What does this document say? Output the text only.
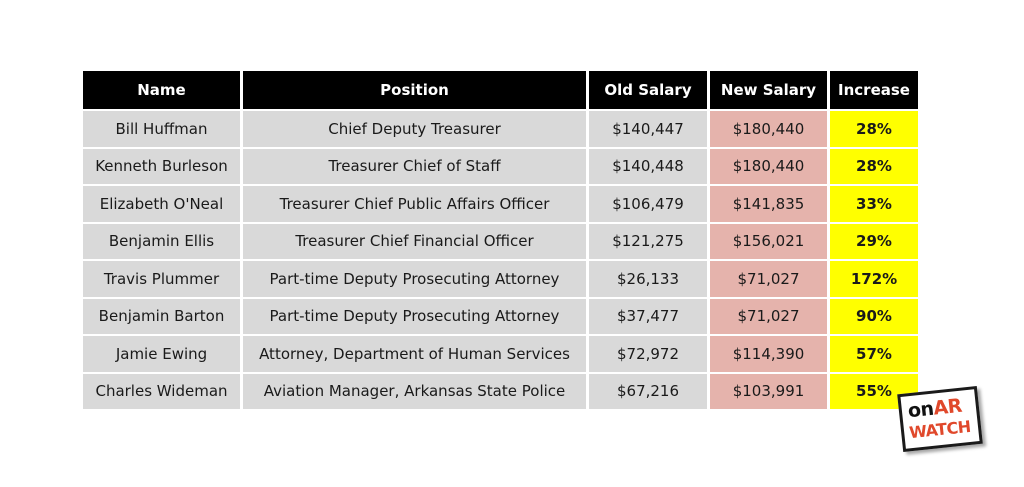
Name	Position	Old Salary	New Salary	Increase
Bill Huffman	Chief Deputy Treasurer	$140,447	$180,440	28%
Kenneth Burleson	Treasurer Chief of Staff	$140,448	$180,440	28%
Elizabeth O'Neal	Treasurer Chief Public Affairs Officer	$106,479	$141,835	33%
Benjamin Ellis	Treasurer Chief Financial Officer	$121,275	$156,021	29%
Travis Plummer	Part-time Deputy Prosecuting Attorney	$26,133	$71,027	172%
Benjamin Barton	Part-time Deputy Prosecuting Attorney	$37,477	$71,027	90%
Jamie Ewing	Attorney, Department of Human Services	$72,972	$114,390	57%
Charles Wideman	Aviation Manager, Arkansas State Police	$67,216	$103,991	55%
onAR
WATCH
